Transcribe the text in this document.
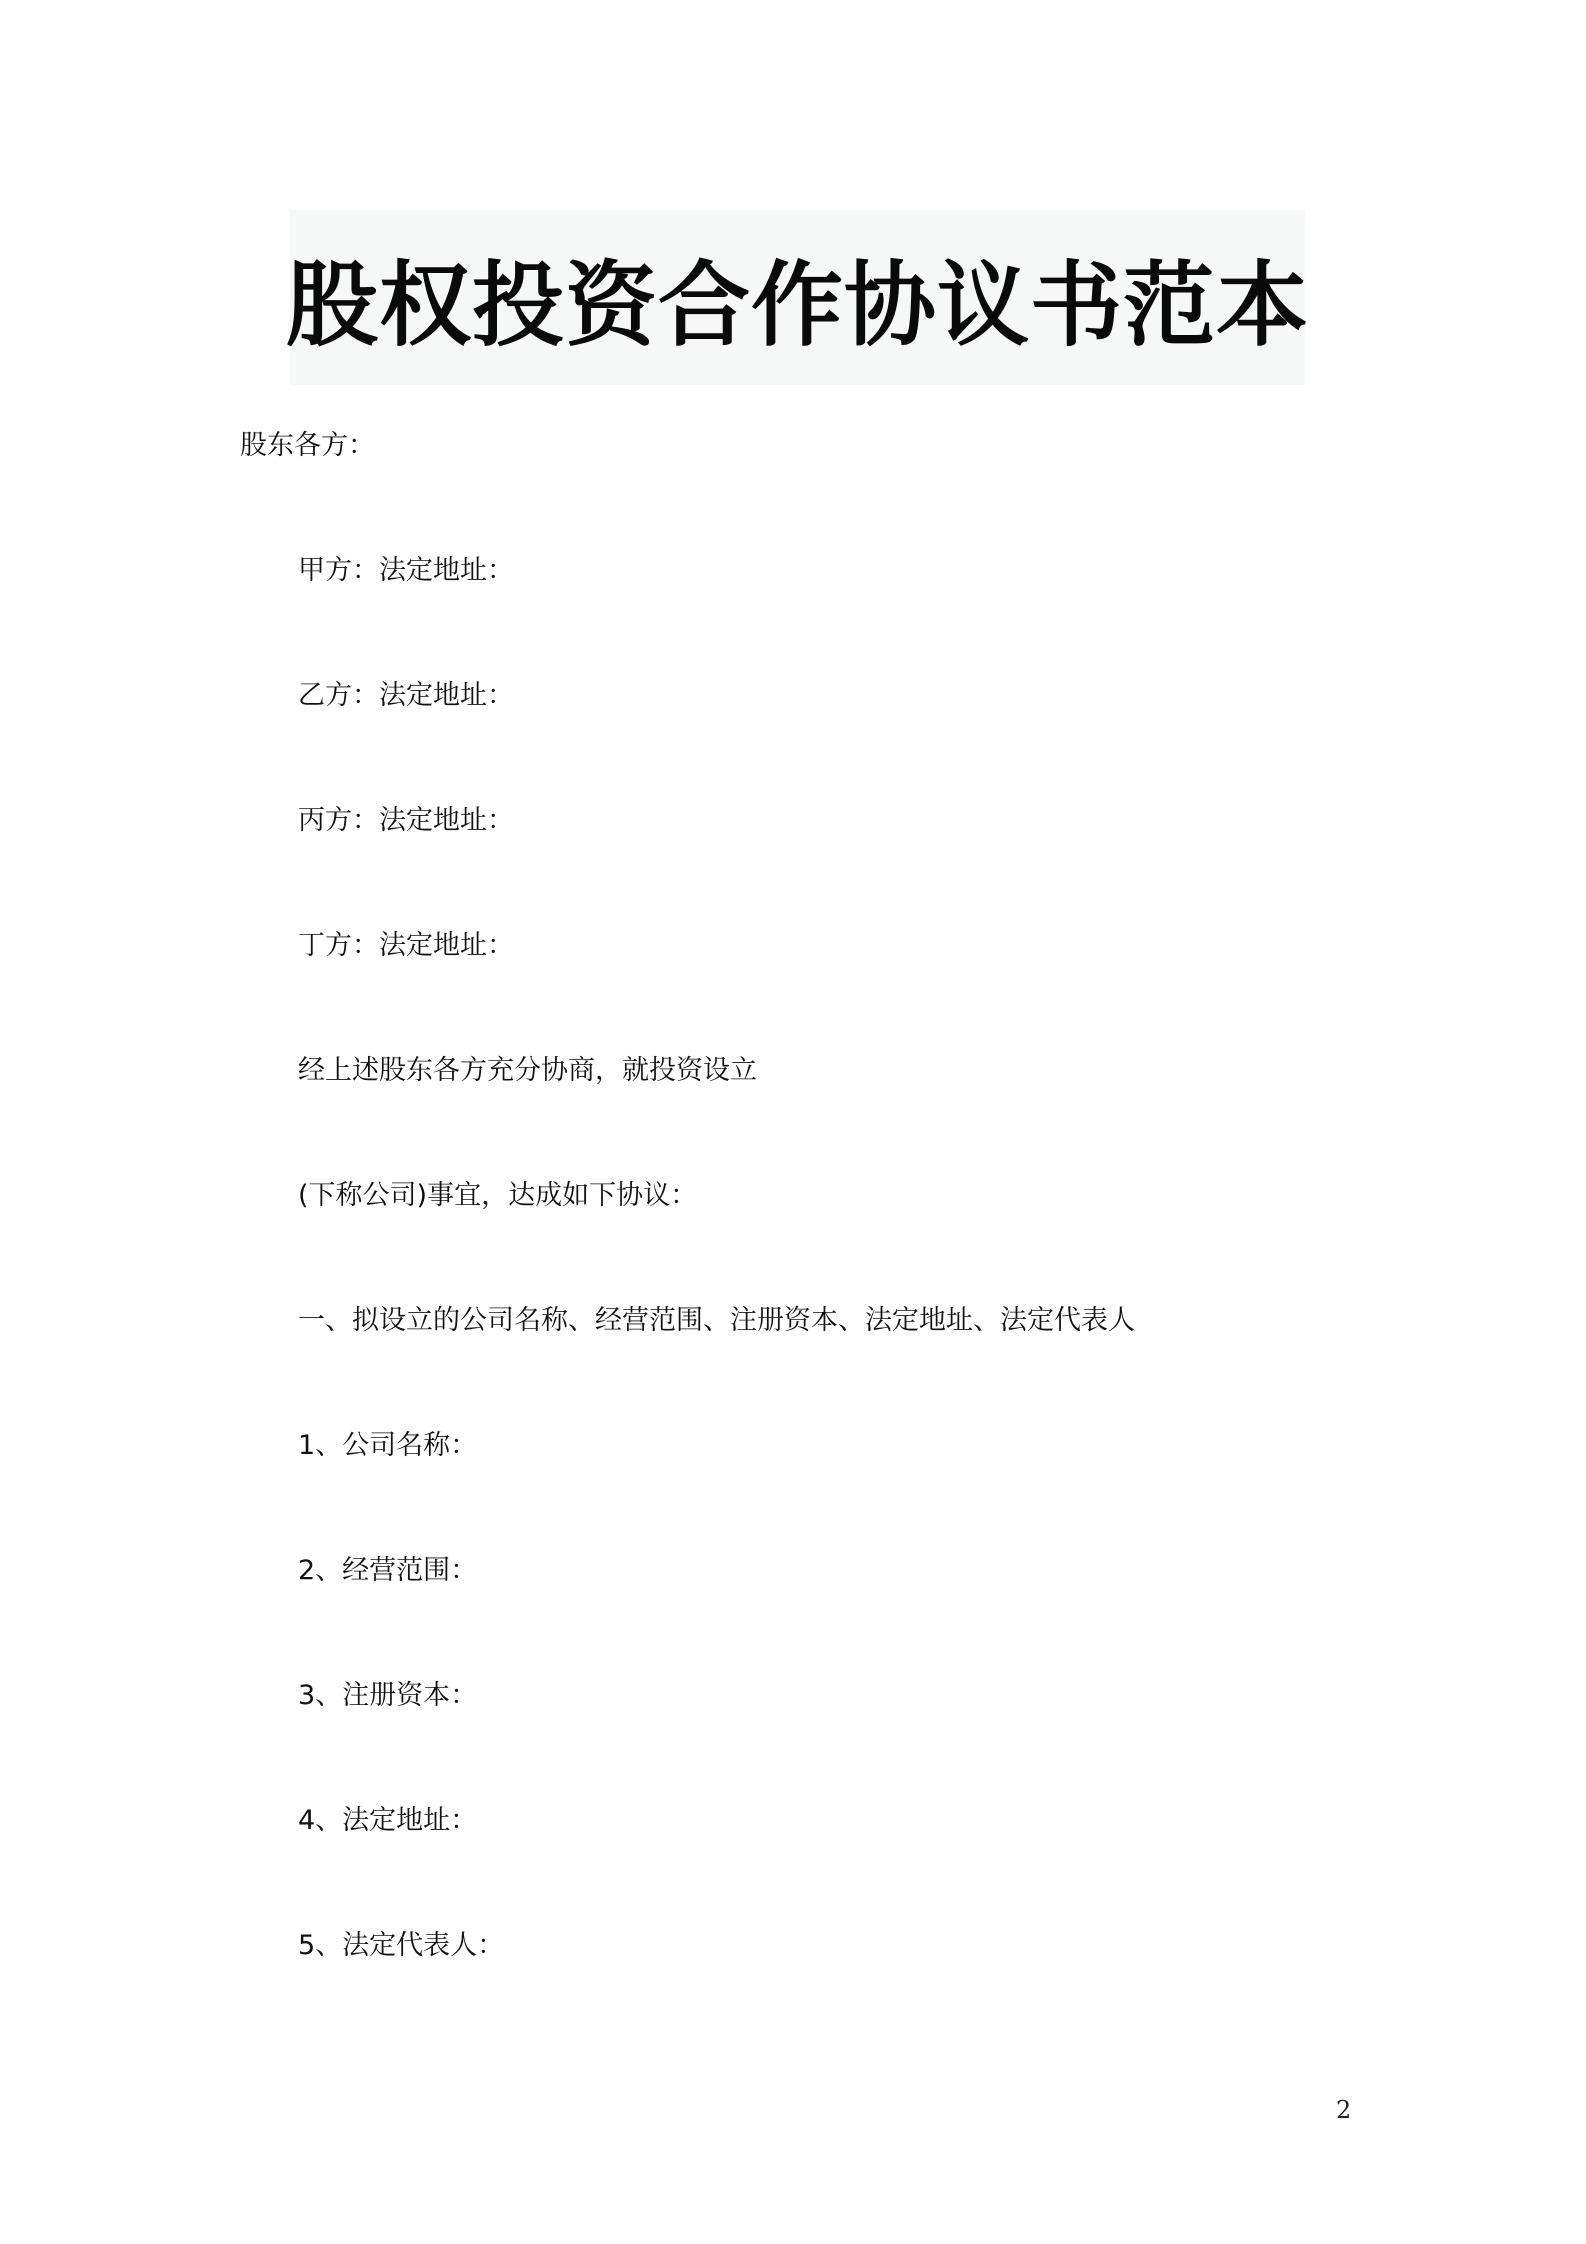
股权投资合作协议书范本
股东各方：
甲方：法定地址：
乙方：法定地址：
丙方：法定地址：
丁方：法定地址：
经上述股东各方充分协商，就投资设立
(下称公司)事宜，达成如下协议：
一、拟设立的公司名称、经营范围、注册资本、法定地址、法定代表人
1、公司名称：
2、经营范围：
3、注册资本：
4、法定地址：
5、法定代表人：
2
